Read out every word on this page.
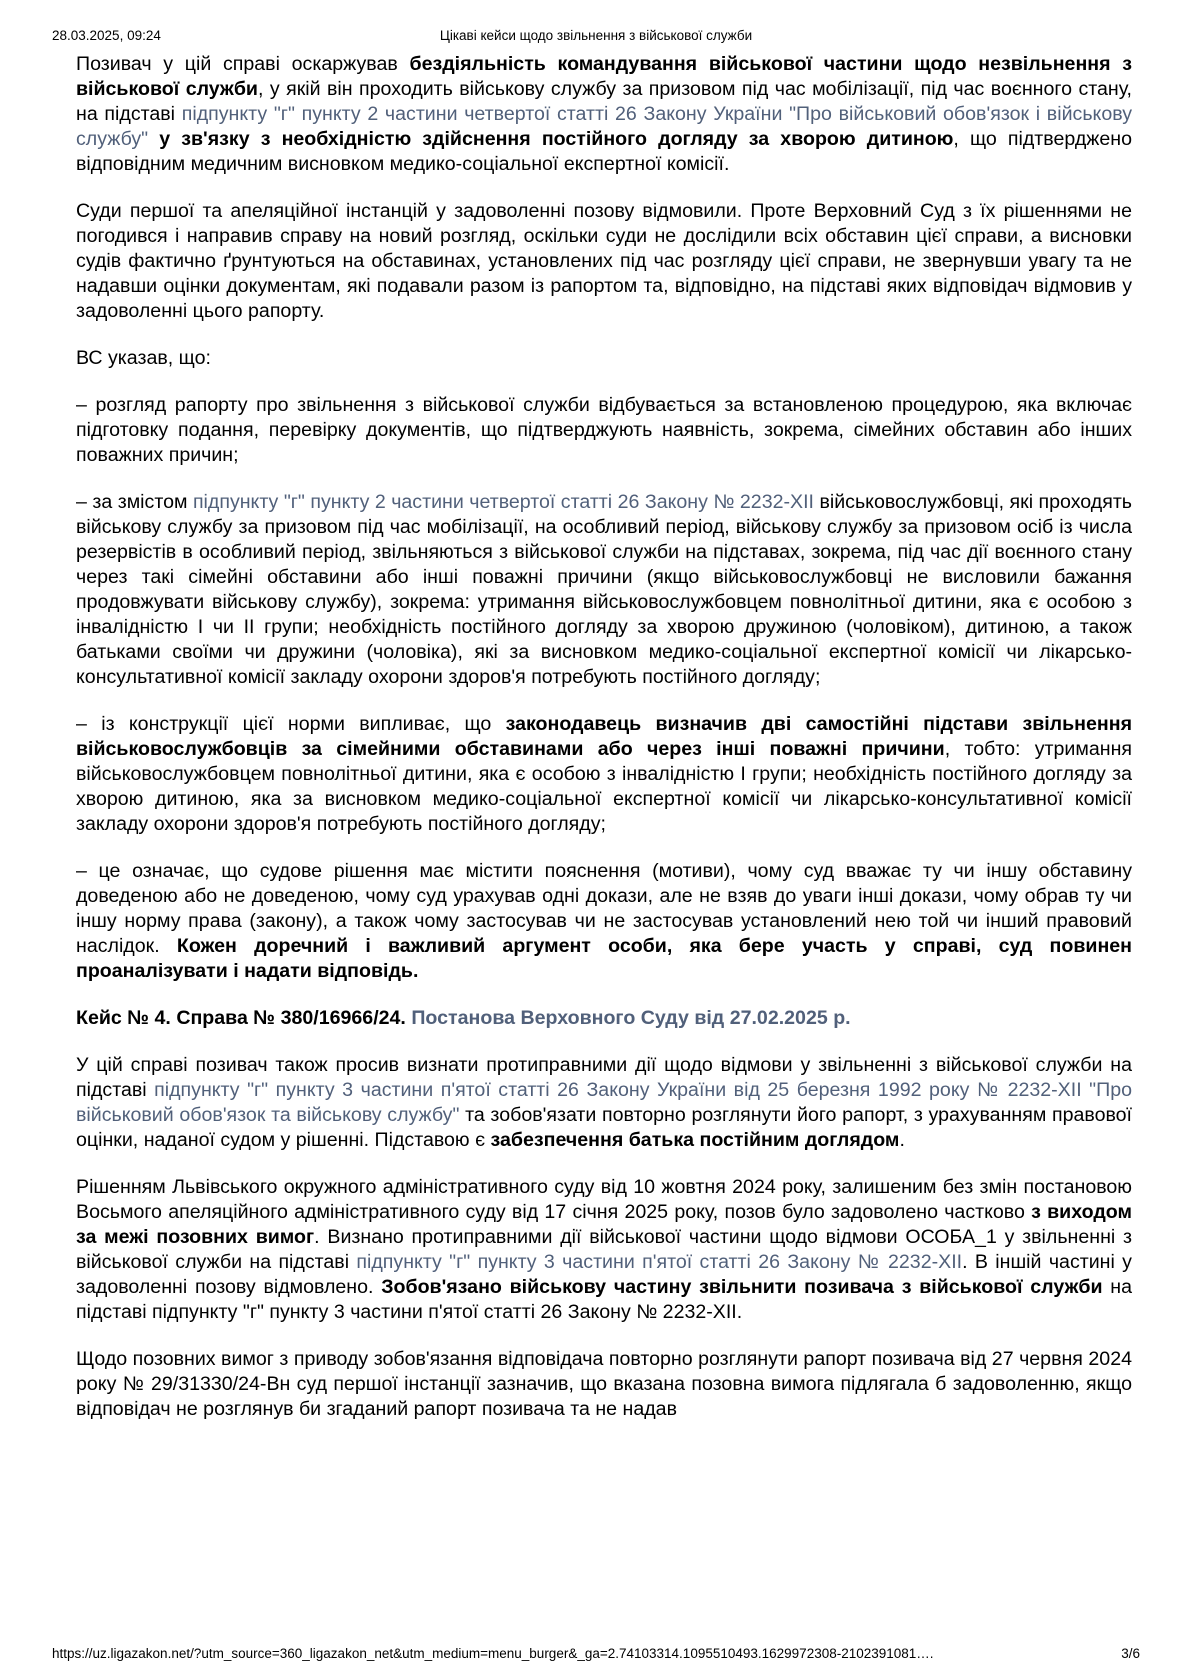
28.03.2025, 09:24	Цікаві кейси щодо звільнення з військової служби

Позивач у цій справі оскаржував бездіяльність командування військової частини щодо незвільнення з військової служби, у якій він проходить військову службу за призовом під час мобілізації, під час воєнного стану, на підставі підпункту "г" пункту 2 частини четвертої статті 26 Закону України "Про військовий обов'язок і військову службу" у зв'язку з необхідністю здійснення постійного догляду за хворою дитиною, що підтверджено відповідним медичним висновком медико-соціальної експертної комісії.

Суди першої та апеляційної інстанцій у задоволенні позову відмовили. Проте Верховний Суд з їх рішеннями не погодився і направив справу на новий розгляд, оскільки суди не дослідили всіх обставин цієї справи, а висновки судів фактично ґрунтуються на обставинах, установлених під час розгляду цієї справи, не звернувши увагу та не надавши оцінки документам, які подавали разом із рапортом та, відповідно, на підставі яких відповідач відмовив у задоволенні цього рапорту.

ВС указав, що:

– розгляд рапорту про звільнення з військової служби відбувається за встановленою процедурою, яка включає підготовку подання, перевірку документів, що підтверджують наявність, зокрема, сімейних обставин або інших поважних причин;

– за змістом підпункту "г" пункту 2 частини четвертої статті 26 Закону № 2232-XII військовослужбовці, які проходять військову службу за призовом під час мобілізації, на особливий період, військову службу за призовом осіб із числа резервістів в особливий період, звільняються з військової служби на підставах, зокрема, під час дії воєнного стану через такі сімейні обставини або інші поважні причини (якщо військовослужбовці не висловили бажання продовжувати військову службу), зокрема: утримання військовослужбовцем повнолітньої дитини, яка є особою з інвалідністю I чи II групи; необхідність постійного догляду за хворою дружиною (чоловіком), дитиною, а також батьками своїми чи дружини (чоловіка), які за висновком медико-соціальної експертної комісії чи лікарсько-консультативної комісії закладу охорони здоров'я потребують постійного догляду;

– із конструкції цієї норми випливає, що законодавець визначив дві самостійні підстави звільнення військовослужбовців за сімейними обставинами або через інші поважні причини, тобто: утримання військовослужбовцем повнолітньої дитини, яка є особою з інвалідністю I групи; необхідність постійного догляду за хворою дитиною, яка за висновком медико-соціальної експертної комісії чи лікарсько-консультативної комісії закладу охорони здоров'я потребують постійного догляду;

– це означає, що судове рішення має містити пояснення (мотиви), чому суд вважає ту чи іншу обставину доведеною або не доведеною, чому суд урахував одні докази, але не взяв до уваги інші докази, чому обрав ту чи іншу норму права (закону), а також чому застосував чи не застосував установлений нею той чи інший правовий наслідок. Кожен доречний і важливий аргумент особи, яка бере участь у справі, суд повинен проаналізувати і надати відповідь.

Кейс № 4. Справа № 380/16966/24. Постанова Верховного Суду від 27.02.2025 р.

У цій справі позивач також просив визнати протиправними дії щодо відмови у звільненні з військової служби на підставі підпункту "г" пункту 3 частини п'ятої статті 26 Закону України від 25 березня 1992 року № 2232-XII "Про військовий обов'язок та військову службу" та зобов'язати повторно розглянути його рапорт, з урахуванням правової оцінки, наданої судом у рішенні. Підставою є забезпечення батька постійним доглядом.

Рішенням Львівського окружного адміністративного суду від 10 жовтня 2024 року, залишеним без змін постановою Восьмого апеляційного адміністративного суду від 17 січня 2025 року, позов було задоволено частково з виходом за межі позовних вимог. Визнано протиправними дії військової частини щодо відмови ОСОБА_1 у звільненні з військової служби на підставі підпункту "г" пункту 3 частини п'ятої статті 26 Закону № 2232-XII. В іншій частині у задоволенні позову відмовлено. Зобов'язано військову частину звільнити позивача з військової служби на підставі підпункту "г" пункту 3 частини п'ятої статті 26 Закону № 2232-XII.

Щодо позовних вимог з приводу зобов'язання відповідача повторно розглянути рапорт позивача від 27 червня 2024 року № 29/31330/24-Вн суд першої інстанції зазначив, що вказана позовна вимога підлягала б задоволенню, якщо відповідач не розглянув би згаданий рапорт позивача та не надав

https://uz.ligazakon.net/?utm_source=360_ligazakon_net&utm_medium=menu_burger&_ga=2.74103314.1095510493.1629972308-2102391081….	3/6
